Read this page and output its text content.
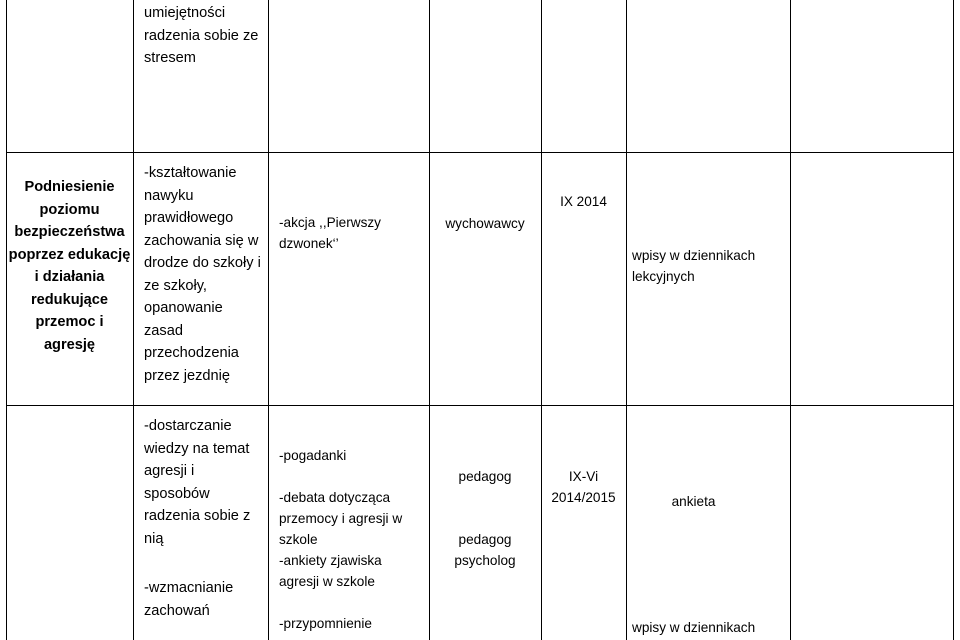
umiejętności
radzenia sobie ze
stresem
Podniesienie
poziomu
bezpieczeństwa
poprzez edukację
i działania
redukujące
przemoc i
agresję
-kształtowanie
nawyku
prawidłowego
zachowania się w
drodze do szkoły i
ze szkoły,
opanowanie
zasad
przechodzenia
przez jezdnię
-akcja ,,Pierwszy
dzwonek‘’
wychowawcy
IX 2014
wpisy w dziennikach
lekcyjnych
-dostarczanie
wiedzy na temat
agresji i
sposobów
radzenia sobie z
nią
-wzmacnianie
zachowań
-pogadanki
-debata dotycząca
przemocy i agresji w
szkole
-ankiety zjawiska
agresji w szkole
-przypomnienie
pedagog
pedagog
psycholog
IX-Vi
2014/2015	ankieta
wpisy w dziennikach
